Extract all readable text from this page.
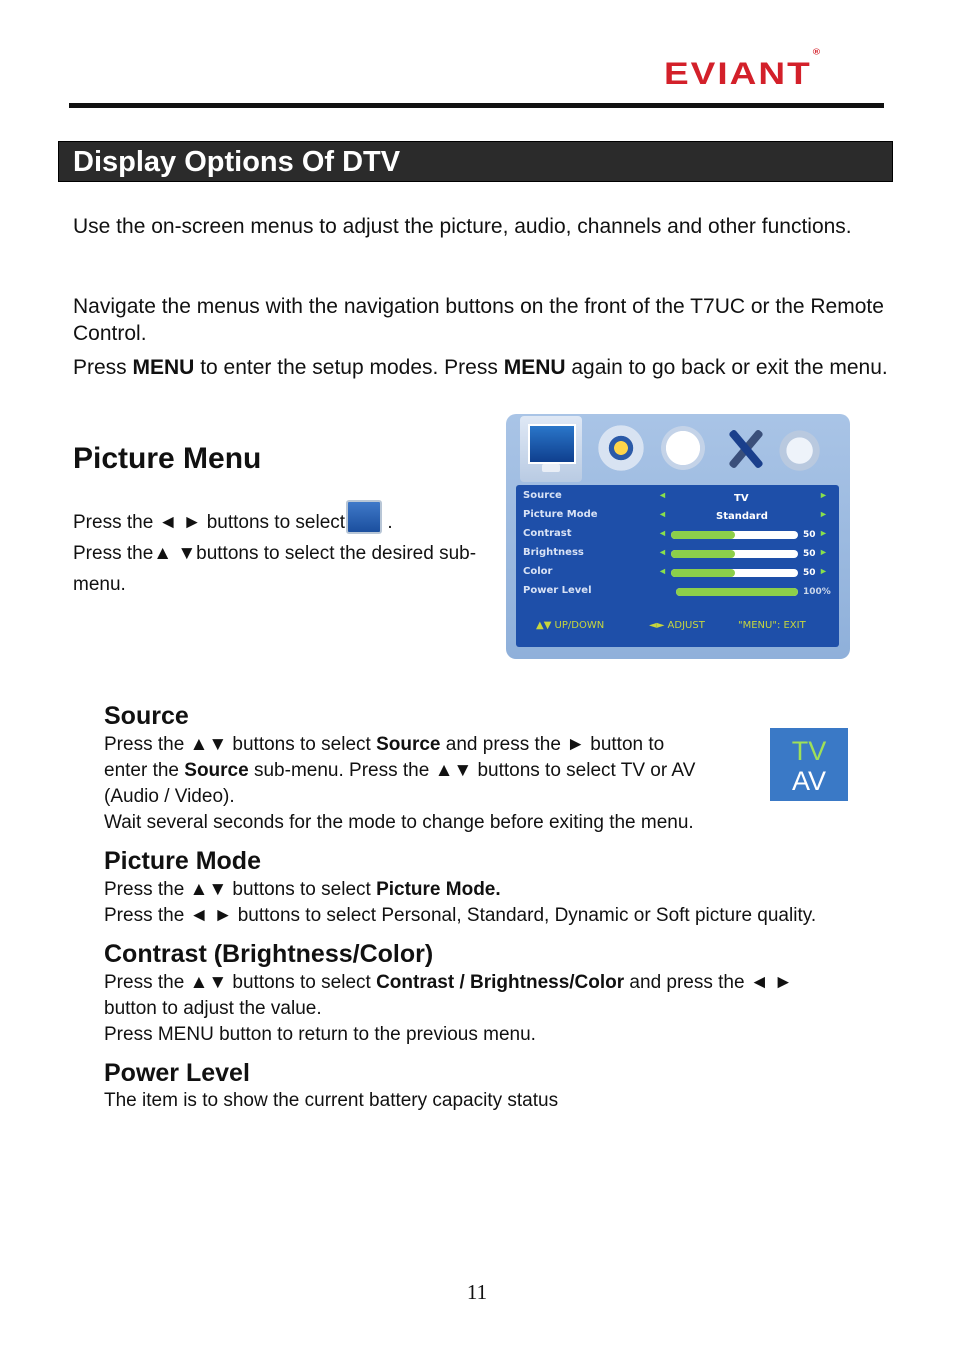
EVIANT®
Display Options Of DTV
Use the on-screen menus to adjust the picture, audio, channels and other functions.
Navigate the menus with the navigation buttons on the front of the T7UC or the Remote Control.
Press MENU to enter the setup modes. Press MENU again to go back or exit the menu.
Picture Menu
Press the ◄ ► buttons to select .
Press the▲ ▼buttons to select the desired sub-menu.
Source	◄	TV	►
Picture Mode	◄	Standard	►
Contrast	◄	50 ►
Brightness	◄	50 ►
Color	◄	50 ►
Power Level	100%
▲▼ UP/DOWN	◄► ADJUST	"MENU": EXIT
Source
Press the ▲▼ buttons to select Source and press the ► button to
enter the Source sub-menu. Press the ▲▼ buttons to select TV or AV
(Audio / Video).
Wait several seconds for the mode to change before exiting the menu.
TV
AV
Picture Mode
Press the ▲▼ buttons to select Picture Mode.
Press the ◄ ► buttons to select Personal, Standard, Dynamic or Soft picture quality.
Contrast (Brightness/Color)
Press the ▲▼ buttons to select Contrast / Brightness/Color and press the ◄ ►
button to adjust the value.
Press MENU button to return to the previous menu.
Power Level
The item is to show the current battery capacity status
11
